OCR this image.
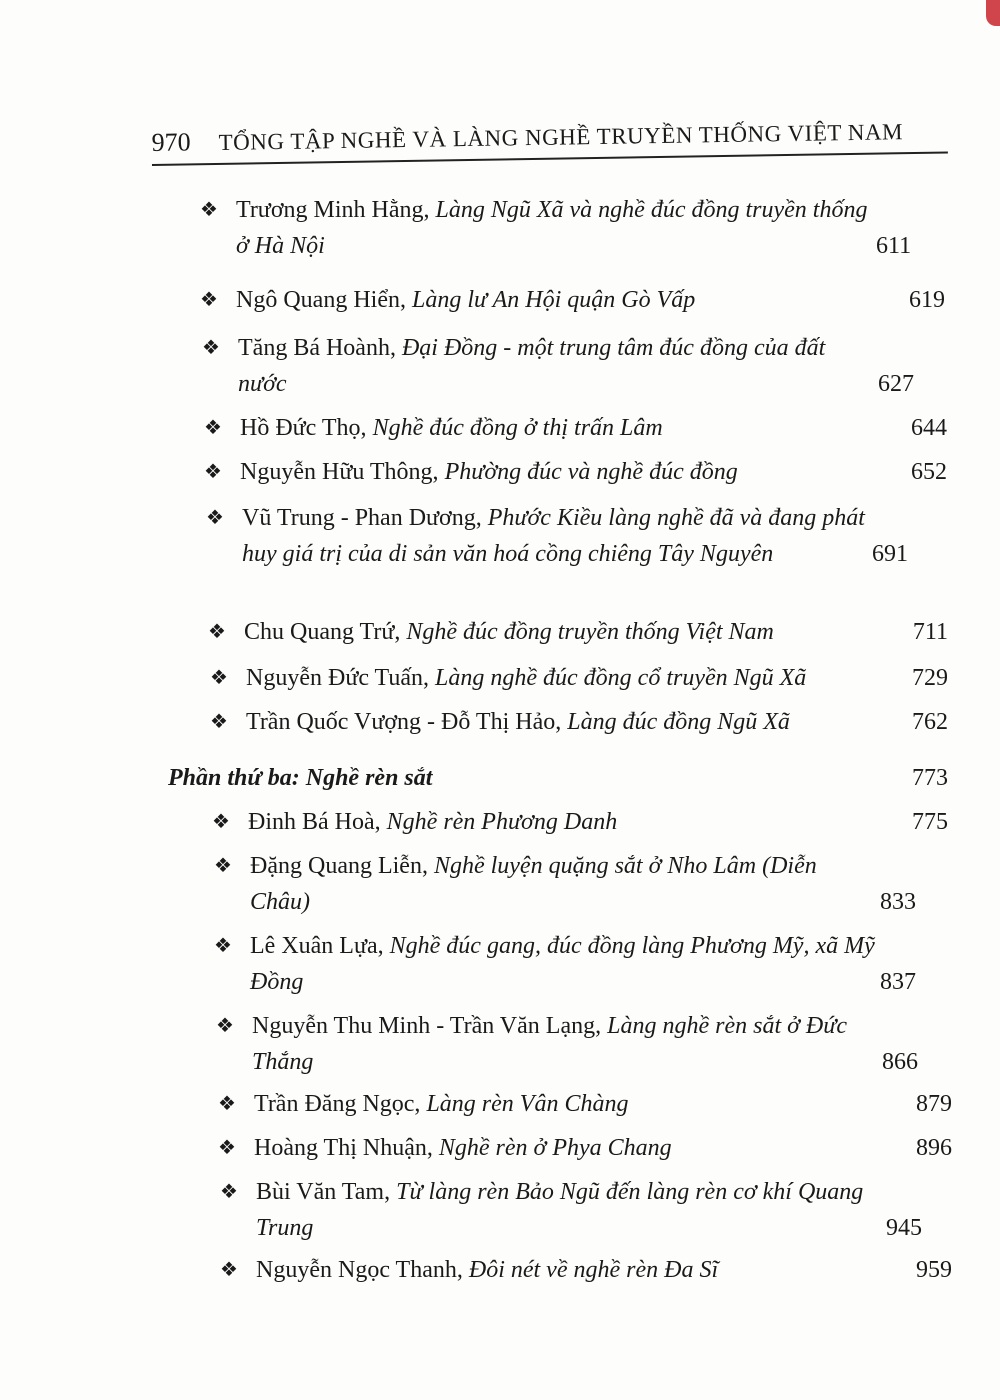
970 TỔNG TẬP NGHỀ VÀ LÀNG NGHỀ TRUYỀN THỐNG VIỆT NAM
❖ Trương Minh Hằng, Làng Ngũ Xã và nghề đúc đồng truyền thống ở Hà Nội	611
❖ Ngô Quang Hiển, Làng lư An Hội quận Gò Vấp	619
❖ Tăng Bá Hoành, Đại Đồng - một trung tâm đúc đồng của đất nước	627
❖ Hồ Đức Thọ, Nghề đúc đồng ở thị trấn Lâm	644
❖ Nguyễn Hữu Thông, Phường đúc và nghề đúc đồng	652
❖ Vũ Trung - Phan Dương, Phước Kiều làng nghề đã và đang phát huy giá trị của di sản văn hoá cồng chiêng Tây Nguyên	691
❖ Chu Quang Trứ, Nghề đúc đồng truyền thống Việt Nam	711
❖ Nguyễn Đức Tuấn, Làng nghề đúc đồng cổ truyền Ngũ Xã	729
❖ Trần Quốc Vượng - Đỗ Thị Hảo, Làng đúc đồng Ngũ Xã	762
Phần thứ ba: Nghề rèn sắt	773
❖ Đinh Bá Hoà, Nghề rèn Phương Danh	775
❖ Đặng Quang Liễn, Nghề luyện quặng sắt ở Nho Lâm (Diễn Châu)	833
❖ Lê Xuân Lựa, Nghề đúc gang, đúc đồng làng Phương Mỹ, xã Mỹ Đồng	837
❖ Nguyễn Thu Minh - Trần Văn Lạng, Làng nghề rèn sắt ở Đức Thắng	866
❖ Trần Đăng Ngọc, Làng rèn Vân Chàng	879
❖ Hoàng Thị Nhuận, Nghề rèn ở Phya Chang	896
❖ Bùi Văn Tam, Từ làng rèn Bảo Ngũ đến làng rèn cơ khí Quang Trung	945
❖ Nguyễn Ngọc Thanh, Đôi nét về nghề rèn Đa Sĩ	959
